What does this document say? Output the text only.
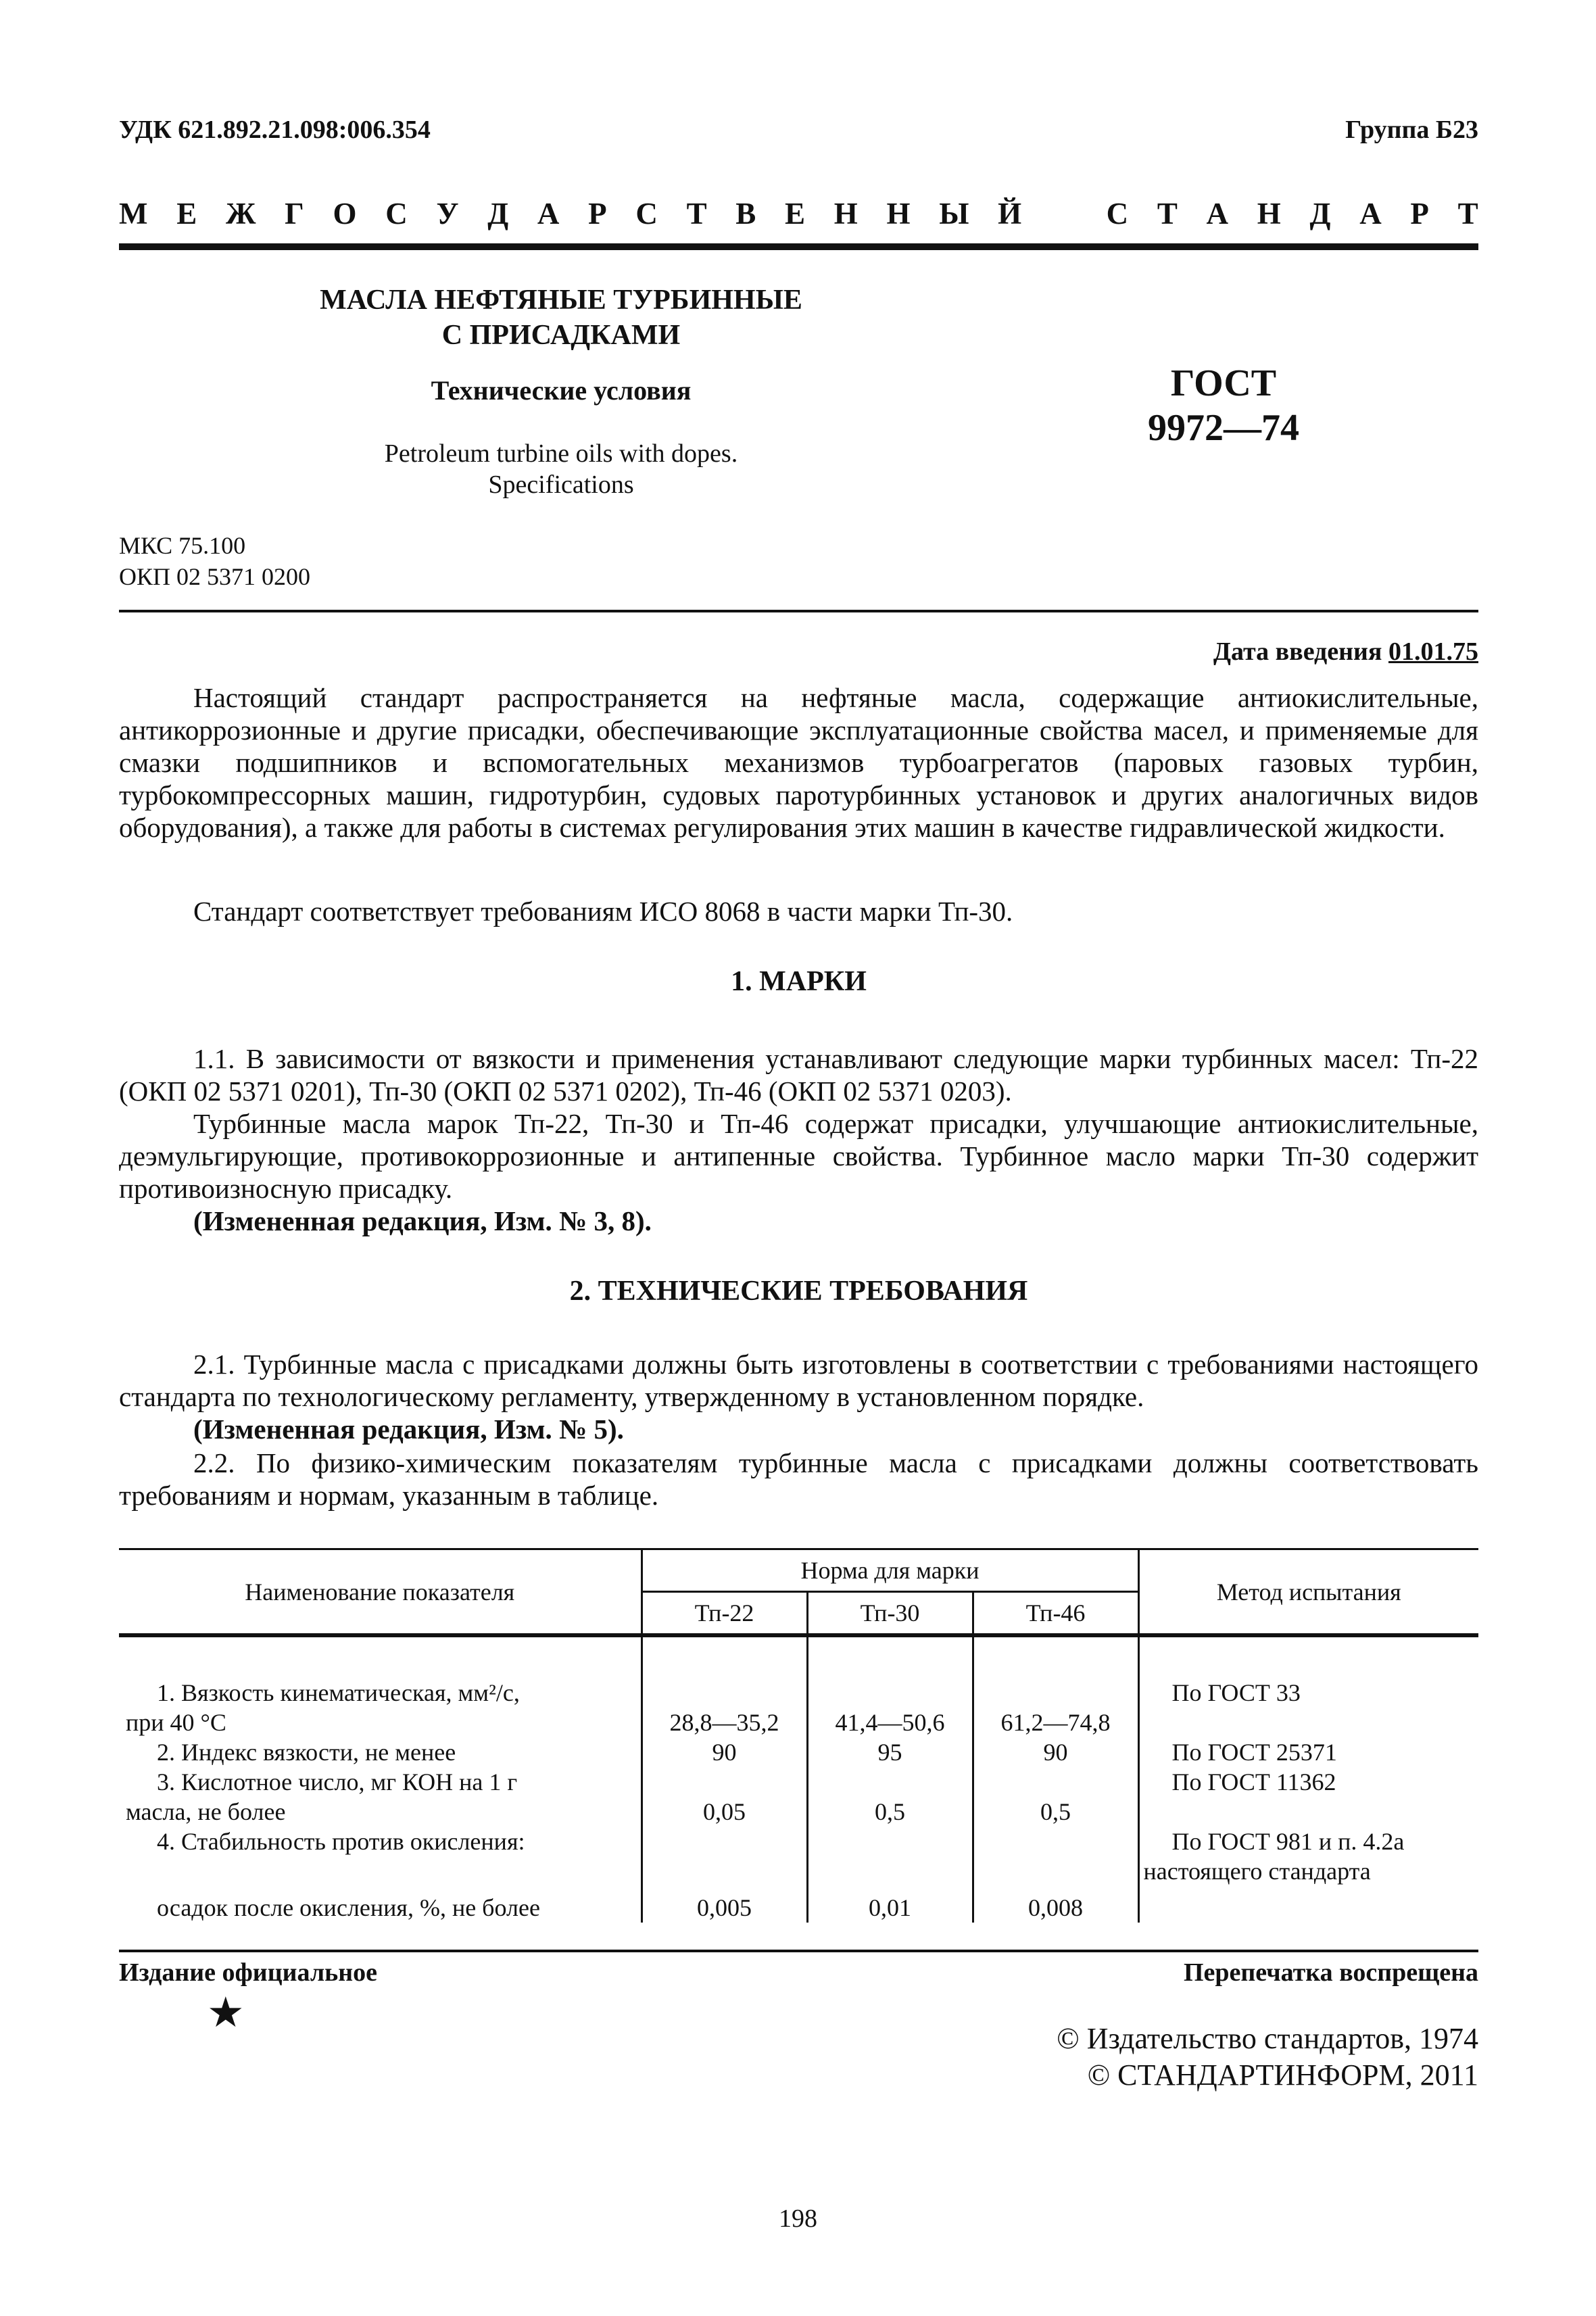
УДК 621.892.21.098:006.354	Группа Б23
М Е Ж Г О С У Д А Р С Т В Е Н Н Ы Й	С Т А Н Д А Р Т
МАСЛА НЕФТЯНЫЕ ТУРБИННЫЕ
С ПРИСАДКАМИ
Технические условия
Petroleum turbine oils with dopes.
Specifications
ГОСТ
9972—74
МКС 75.100
ОКП 02 5371 0200
Дата введения 01.01.75
Настоящий стандарт распространяется на нефтяные масла, содержащие антиокислительные, антикоррозионные и другие присадки, обеспечивающие эксплуатационные свойства масел, и применяемые для смазки подшипников и вспомогательных механизмов турбоагрегатов (паровых газовых турбин, турбокомпрессорных машин, гидротурбин, судовых паротурбинных установок и других аналогичных видов оборудования), а также для работы в системах регулирования этих машин в качестве гидравлической жидкости.
Стандарт соответствует требованиям ИСО 8068 в части марки Тп-30.
1. МАРКИ
1.1. В зависимости от вязкости и применения устанавливают следующие марки турбинных масел: Тп-22 (ОКП 02 5371 0201), Тп-30 (ОКП 02 5371 0202), Тп-46 (ОКП 02 5371 0203).
Турбинные масла марок Тп-22, Тп-30 и Тп-46 содержат присадки, улучшающие антиокислительные, деэмульгирующие, противокоррозионные и антипенные свойства. Турбинное масло марки Тп-30 содержит противоизносную присадку.
(Измененная редакция, Изм. № 3, 8).
2. ТЕХНИЧЕСКИЕ ТРЕБОВАНИЯ
2.1. Турбинные масла с присадками должны быть изготовлены в соответствии с требованиями настоящего стандарта по технологическому регламенту, утвержденному в установленном порядке.
(Измененная редакция, Изм. № 5).
2.2. По физико-химическим показателям турбинные масла с присадками должны соответствовать требованиям и нормам, указанным в таблице.
Наименование показателя	Норма для марки			Метод испытания
	Тп-22	Тп-30	Тп-46	

1. Вязкость кинематическая, мм²/с,
при 40 °С	28,8—35,2	41,4—50,6	61,2—74,8	По ГОСТ 33
2. Индекс вязкости, не менее	90	95	90	По ГОСТ 25371

3. Кислотное число, мг КОН на 1 г
масла, не более	0,05	0,5	0,5	По ГОСТ 11362
4. Стабильность против окисления:				По ГОСТ 981 и п. 4.2а
настоящего стандарта

осадок после окисления, %, не более	0,005	0,01	0,008	
Издание официальное	Перепечатка воспрещена
★
© Издательство стандартов, 1974
© СТАНДАРТИНФОРМ, 2011
198
